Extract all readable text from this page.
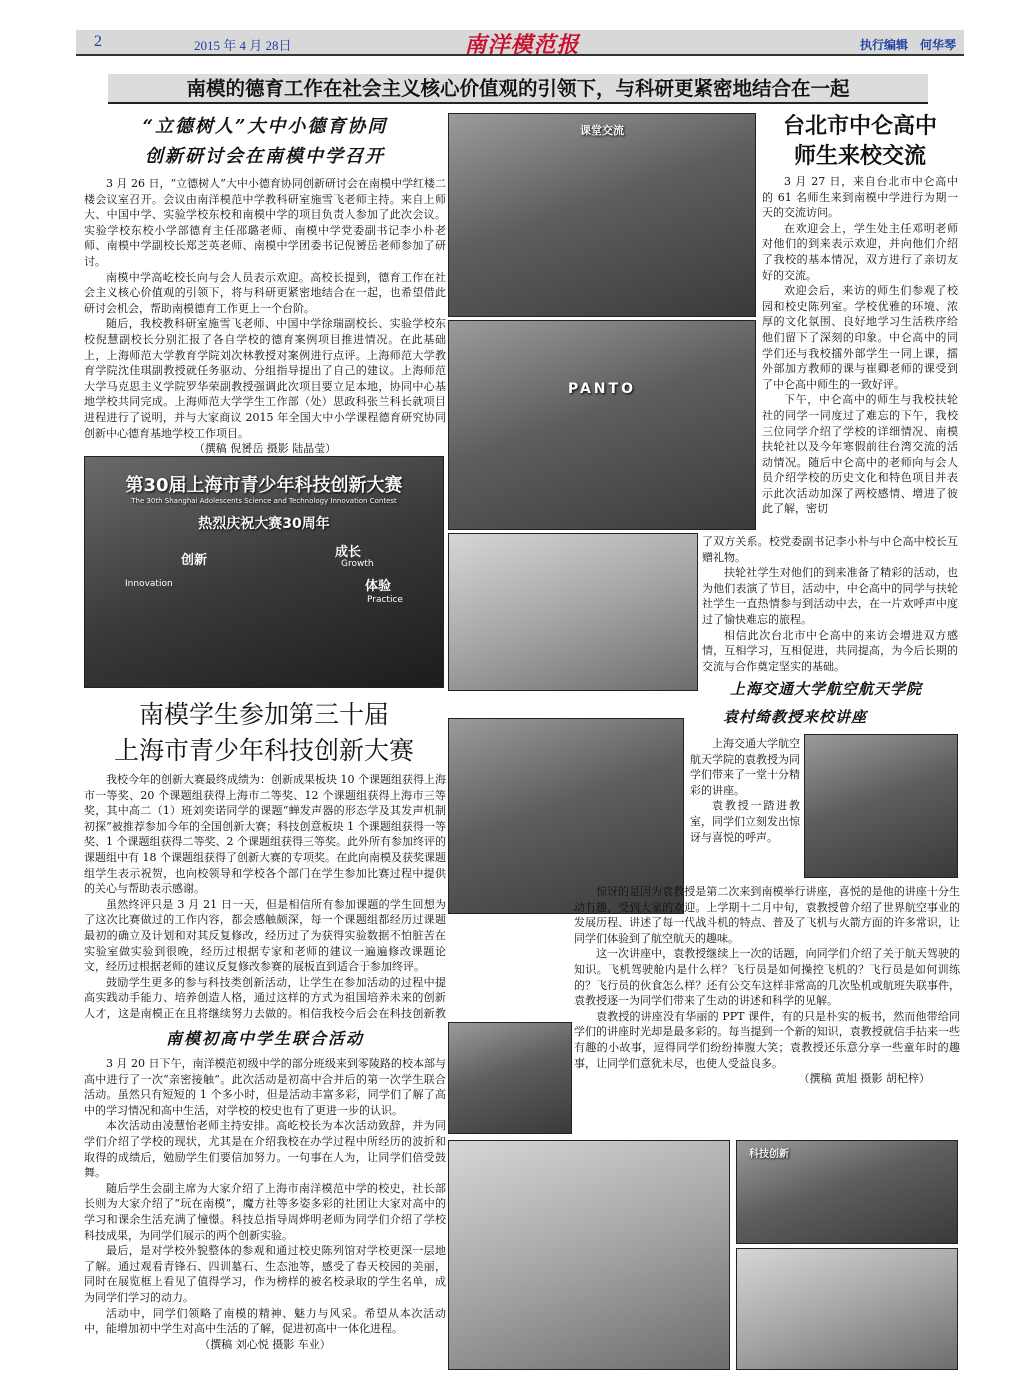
2	2015 年 4 月 28日	南洋模范报	执行编辑　何华琴
南模的德育工作在社会主义核心价值观的引领下，与科研更紧密地结合在一起
“立德树人”大中小德育协同
创新研讨会在南模中学召开

3 月 26 日，“立德树人”大中小德育协同创新研讨会在南模中学红楼二楼会议室召开。会议由南洋模范中学教科研室施雪飞老师主持。来自上师大、中国中学、实验学校东校和南模中学的项目负责人参加了此次会议。实验学校东校小学部德育主任邵璐老师、南模中学党委副书记李小朴老师、南模中学副校长郑芝英老师、南模中学团委书记倪赟岳老师参加了研讨。

南模中学高屹校长向与会人员表示欢迎。高校长提到，德育工作在社会主义核心价值观的引领下，将与科研更紧密地结合在一起，也希望借此研讨会机会，帮助南模德育工作更上一个台阶。

随后，我校教科研室施雪飞老师、中国中学徐瑞副校长、实验学校东校倪慧副校长分别汇报了各自学校的德育案例项目推进情况。在此基础上，上海师范大学教育学院刘次林教授对案例进行点评。上海师范大学教育学院沈佳琪副教授就任务驱动、分组指导提出了自己的建议。上海师范大学马克思主义学院罗华荣副教授强调此次项目要立足本地，协同中心基地学校共同完成。上海师范大学学生工作部（处）思政科张兰科长就项目进程进行了说明，并与大家商议 2015 年全国大中小学课程德育研究协同创新中心德育基地学校工作项目。

（撰稿 倪赟岳 摄影 陆晶莹）

课堂交流
PANTO
第30届上海市青少年科技创新大赛
The 30th Shanghai Adolescents Science and Technology Innovation Contest
热烈庆祝大赛30周年
创新
Innovation
成长
Growth
体验
Practice
台北市中仑高中
师生来校交流

3 月 27 日，来自台北市中仑高中的 61 名师生来到南模中学进行为期一天的交流访问。

在欢迎会上，学生处主任邓明老师对他们的到来表示欢迎，并向他们介绍了我校的基本情况，双方进行了亲切友好的交流。

欢迎会后，来访的师生们参观了校园和校史陈列室。学校优雅的环境、浓厚的文化氛围、良好地学习生活秩序给他们留下了深刻的印象。中仑高中的同学们还与我校擂外部学生一同上课，擂外部加方教师的课与崔卿老师的课受到了中仑高中师生的一致好评。

下午，中仑高中的师生与我校扶轮社的同学一同度过了难忘的下午，我校三位同学介绍了学校的详细情况、南模扶轮社以及今年寒假前往台湾交流的活动情况。随后中仑高中的老师向与会人员介绍学校的历史文化和特色项目并表示此次活动加深了两校感情、增进了彼此了解，密切

了双方关系。校党委副书记李小朴与中仑高中校长互赠礼物。

扶轮社学生对他们的到来准备了精彩的活动，也为他们表演了节目，活动中，中仑高中的同学与扶轮社学生一直热情参与到活动中去，在一片欢呼声中度过了愉快难忘的旅程。

相信此次台北市中仑高中的来访会增进双方感情，互相学习，互相促进，共同提高，为今后长期的交流与合作奠定坚实的基础。

南模学生参加第三十届
上海市青少年科技创新大赛

我校今年的创新大赛最终成绩为：创新成果板块 10 个课题组获得上海市一等奖、20 个课题组获得上海市二等奖、12 个课题组获得上海市三等奖，其中高二（1）班刘奕诺同学的课题“蝉发声器的形态学及其发声机制初探”被推荐参加今年的全国创新大赛；科技创意板块 1 个课题组获得一等奖、1 个课题组获得二等奖、2 个课题组获得三等奖。此外所有参加终评的课题组中有 18 个课题组获得了创新大赛的专项奖。在此向南模及获奖课题组学生表示祝贺，也向校领导和学校各个部门在学生参加比赛过程中提供的关心与帮助表示感谢。

虽然终评只是 3 月 21 日一天，但是相信所有参加课题的学生回想为了这次比赛做过的工作内容，都会感触颇深，每一个课题组都经历过课题最初的确立及计划和对其反复修改，经历过了为获得实验数据不怕脏苦在实验室做实验到很晚，经历过根据专家和老师的建议一遍遍修改课题论文，经历过根据老师的建议反复修改参赛的展板直到适合于参加终评。

鼓励学生更多的参与科技类创新活动，让学生在参加活动的过程中提高实践动手能力、培养创造人格，通过这样的方式为祖国培养未来的创新人才，这是南模正在且将继续努力去做的。相信我校今后会在科技创新教　　

上海交通大学航空航天学院
袁村绮教授来校讲座

上海交通大学航空航天学院的袁教授为同学们带来了一堂十分精彩的讲座。

袁教授一踏进教室，同学们立刻发出惊讶与喜悦的呼声。

惊讶的是因为袁教授是第二次来到南模举行讲座，喜悦的是他的讲座十分生动有趣，受到大家的欢迎。上学期十二月中旬，袁教授曾介绍了世界航空事业的发展历程、讲述了每一代战斗机的特点、普及了飞机与火箭方面的许多常识，让同学们体验到了航空航天的趣味。

这一次讲座中，袁教授继续上一次的话题，向同学们介绍了关于航天驾驶的知识。飞机驾驶舱内是什么样？飞行员是如何操控飞机的？飞行员是如何训练的？飞行员的伙食怎么样？还有公交车这样非常高的几次坠机或航班失联事件，袁教授逐一为同学们带来了生动的讲述和科学的见解。

袁教授的讲座没有华丽的 PPT 课件，有的只是朴实的板书，然而他带给同学们的讲座时光却是最多彩的。每当提到一个新的知识，袁教授就信手拈来一些有趣的小故事，逗得同学们纷纷捧腹大笑；袁教授还乐意分享一些童年时的趣事，让同学们意犹未尽，也使人受益良多。

（撰稿 黄旭 摄影 胡杞梓）

南模初高中学生联合活动

3 月 20 日下午，南洋模范初级中学的部分班级来到零陵路的校本部与高中进行了一次“亲密接触”。此次活动是初高中合并后的第一次学生联合活动。虽然只有短短的 1 个多小时，但是活动丰富多彩，同学们了解了高中的学习情况和高中生活，对学校的校史也有了更进一步的认识。

本次活动由凌慧怡老师主持安排。高屹校长为本次活动致辞，并为同学们介绍了学校的现状，尤其是在介绍我校在办学过程中所经历的波折和取得的成绩后，勉励学生们要信加努力。一句事在人为，让同学们倍受鼓舞。

随后学生会副主席为大家介绍了上海市南洋模范中学的校史，社长部长则为大家介绍了“玩在南模”，魔方社等多姿多彩的社团让大家对高中的学习和课余生活充满了憧憬。科技总指导周烨明老师为同学们介绍了学校科技成果，为同学们展示的两个创新实验。

最后，是对学校外貌整体的参观和通过校史陈列馆对学校更深一层地了解。通过观看青锋石、四训墓石、生态池等，感受了春天校园的美丽，同时在展览框上看见了值得学习，作为榜样的被名校录取的学生名单，成为同学们学习的动力。

活动中，同学们领略了南模的精神、魅力与风采。希望从本次活动中，能增加初中学生对高中生活的了解，促进初高中一体化进程。

（撰稿 刘心悦 摄影 车业）

科技创新
